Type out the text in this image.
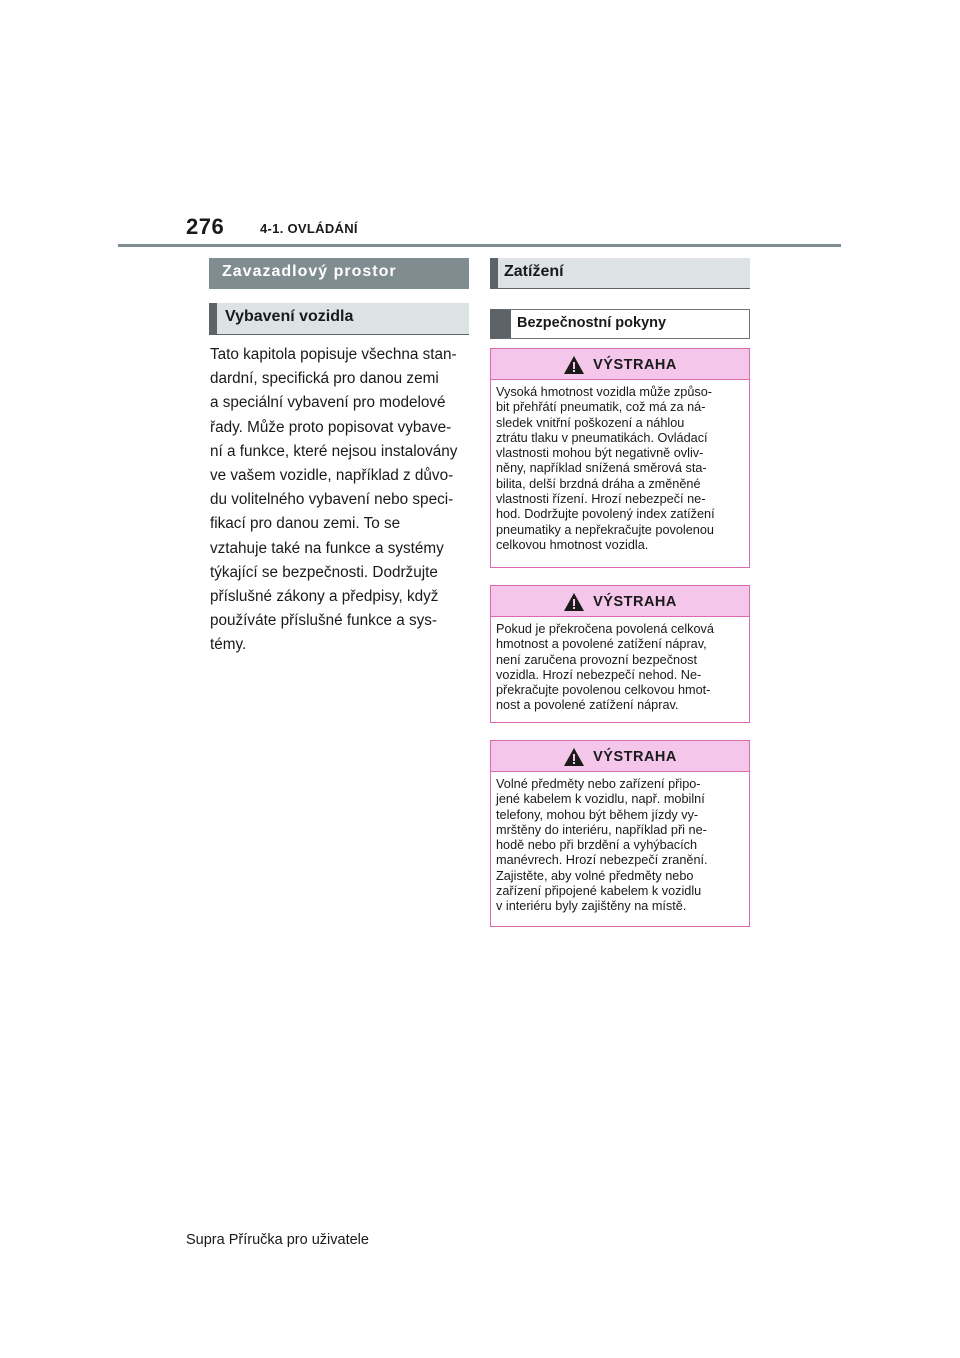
276	4-1. OVLÁDÁNÍ
Zavazadlový prostor
Vybavení vozidla
Tato kapitola popisuje všechna stan-
dardní, specifická pro danou zemi
a speciální vybavení pro modelové
řady. Může proto popisovat vybave-
ní a funkce, které nejsou instalovány
ve vašem vozidle, například z důvo-
du volitelného vybavení nebo speci-
fikací pro danou zemi. To se
vztahuje také na funkce a systémy
týkající se bezpečnosti. Dodržujte
příslušné zákony a předpisy, když
používáte příslušné funkce a sys-
témy.
Zatížení
Bezpečnostní pokyny
VÝSTRAHA
Vysoká hmotnost vozidla může způso-
bit přehřátí pneumatik, což má za ná-
sledek vnitřní poškození a náhlou
ztrátu tlaku v pneumatikách. Ovládací
vlastnosti mohou být negativně ovliv-
něny, například snížená směrová sta-
bilita, delší brzdná dráha a změněné
vlastnosti řízení. Hrozí nebezpečí ne-
hod. Dodržujte povolený index zatížení
pneumatiky a nepřekračujte povolenou
celkovou hmotnost vozidla.
VÝSTRAHA
Pokud je překročena povolená celková
hmotnost a povolené zatížení náprav,
není zaručena provozní bezpečnost
vozidla. Hrozí nebezpečí nehod. Ne-
překračujte povolenou celkovou hmot-
nost a povolené zatížení náprav.
VÝSTRAHA
Volné předměty nebo zařízení připo-
jené kabelem k vozidlu, např. mobilní
telefony, mohou být během jízdy vy-
mrštěny do interiéru, například při ne-
hodě nebo při brzdění a vyhýbacích
manévrech. Hrozí nebezpečí zranění.
Zajistěte, aby volné předměty nebo
zařízení připojené kabelem k vozidlu
v interiéru byly zajištěny na místě.
Supra Příručka pro uživatele
